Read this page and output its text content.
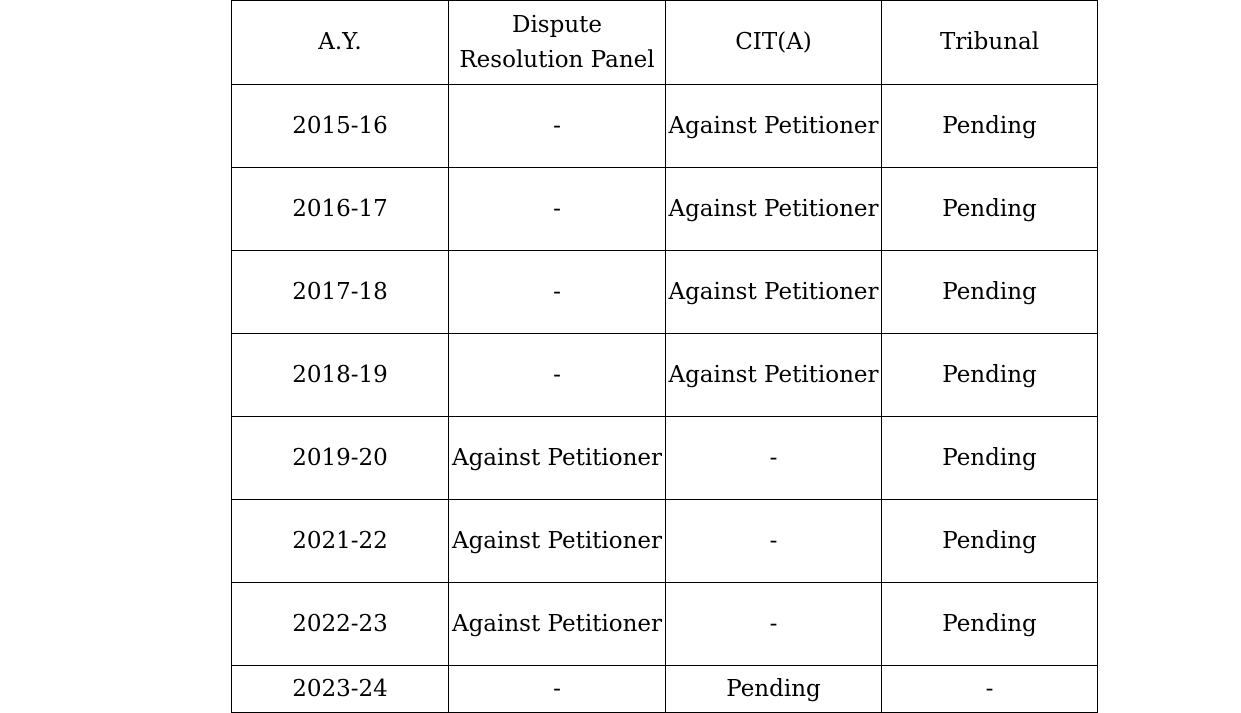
A.Y.	Dispute Resolution Panel	CIT(A)	Tribunal

2015-16	-	Against Petitioner	Pending

2016-17	-	Against Petitioner	Pending

2017-18	-	Against Petitioner	Pending

2018-19	-	Against Petitioner	Pending

2019-20	Against Petitioner	-	Pending

2021-22	Against Petitioner	-	Pending

2022-23	Against Petitioner	-	Pending

2023-24	-	Pending	-
